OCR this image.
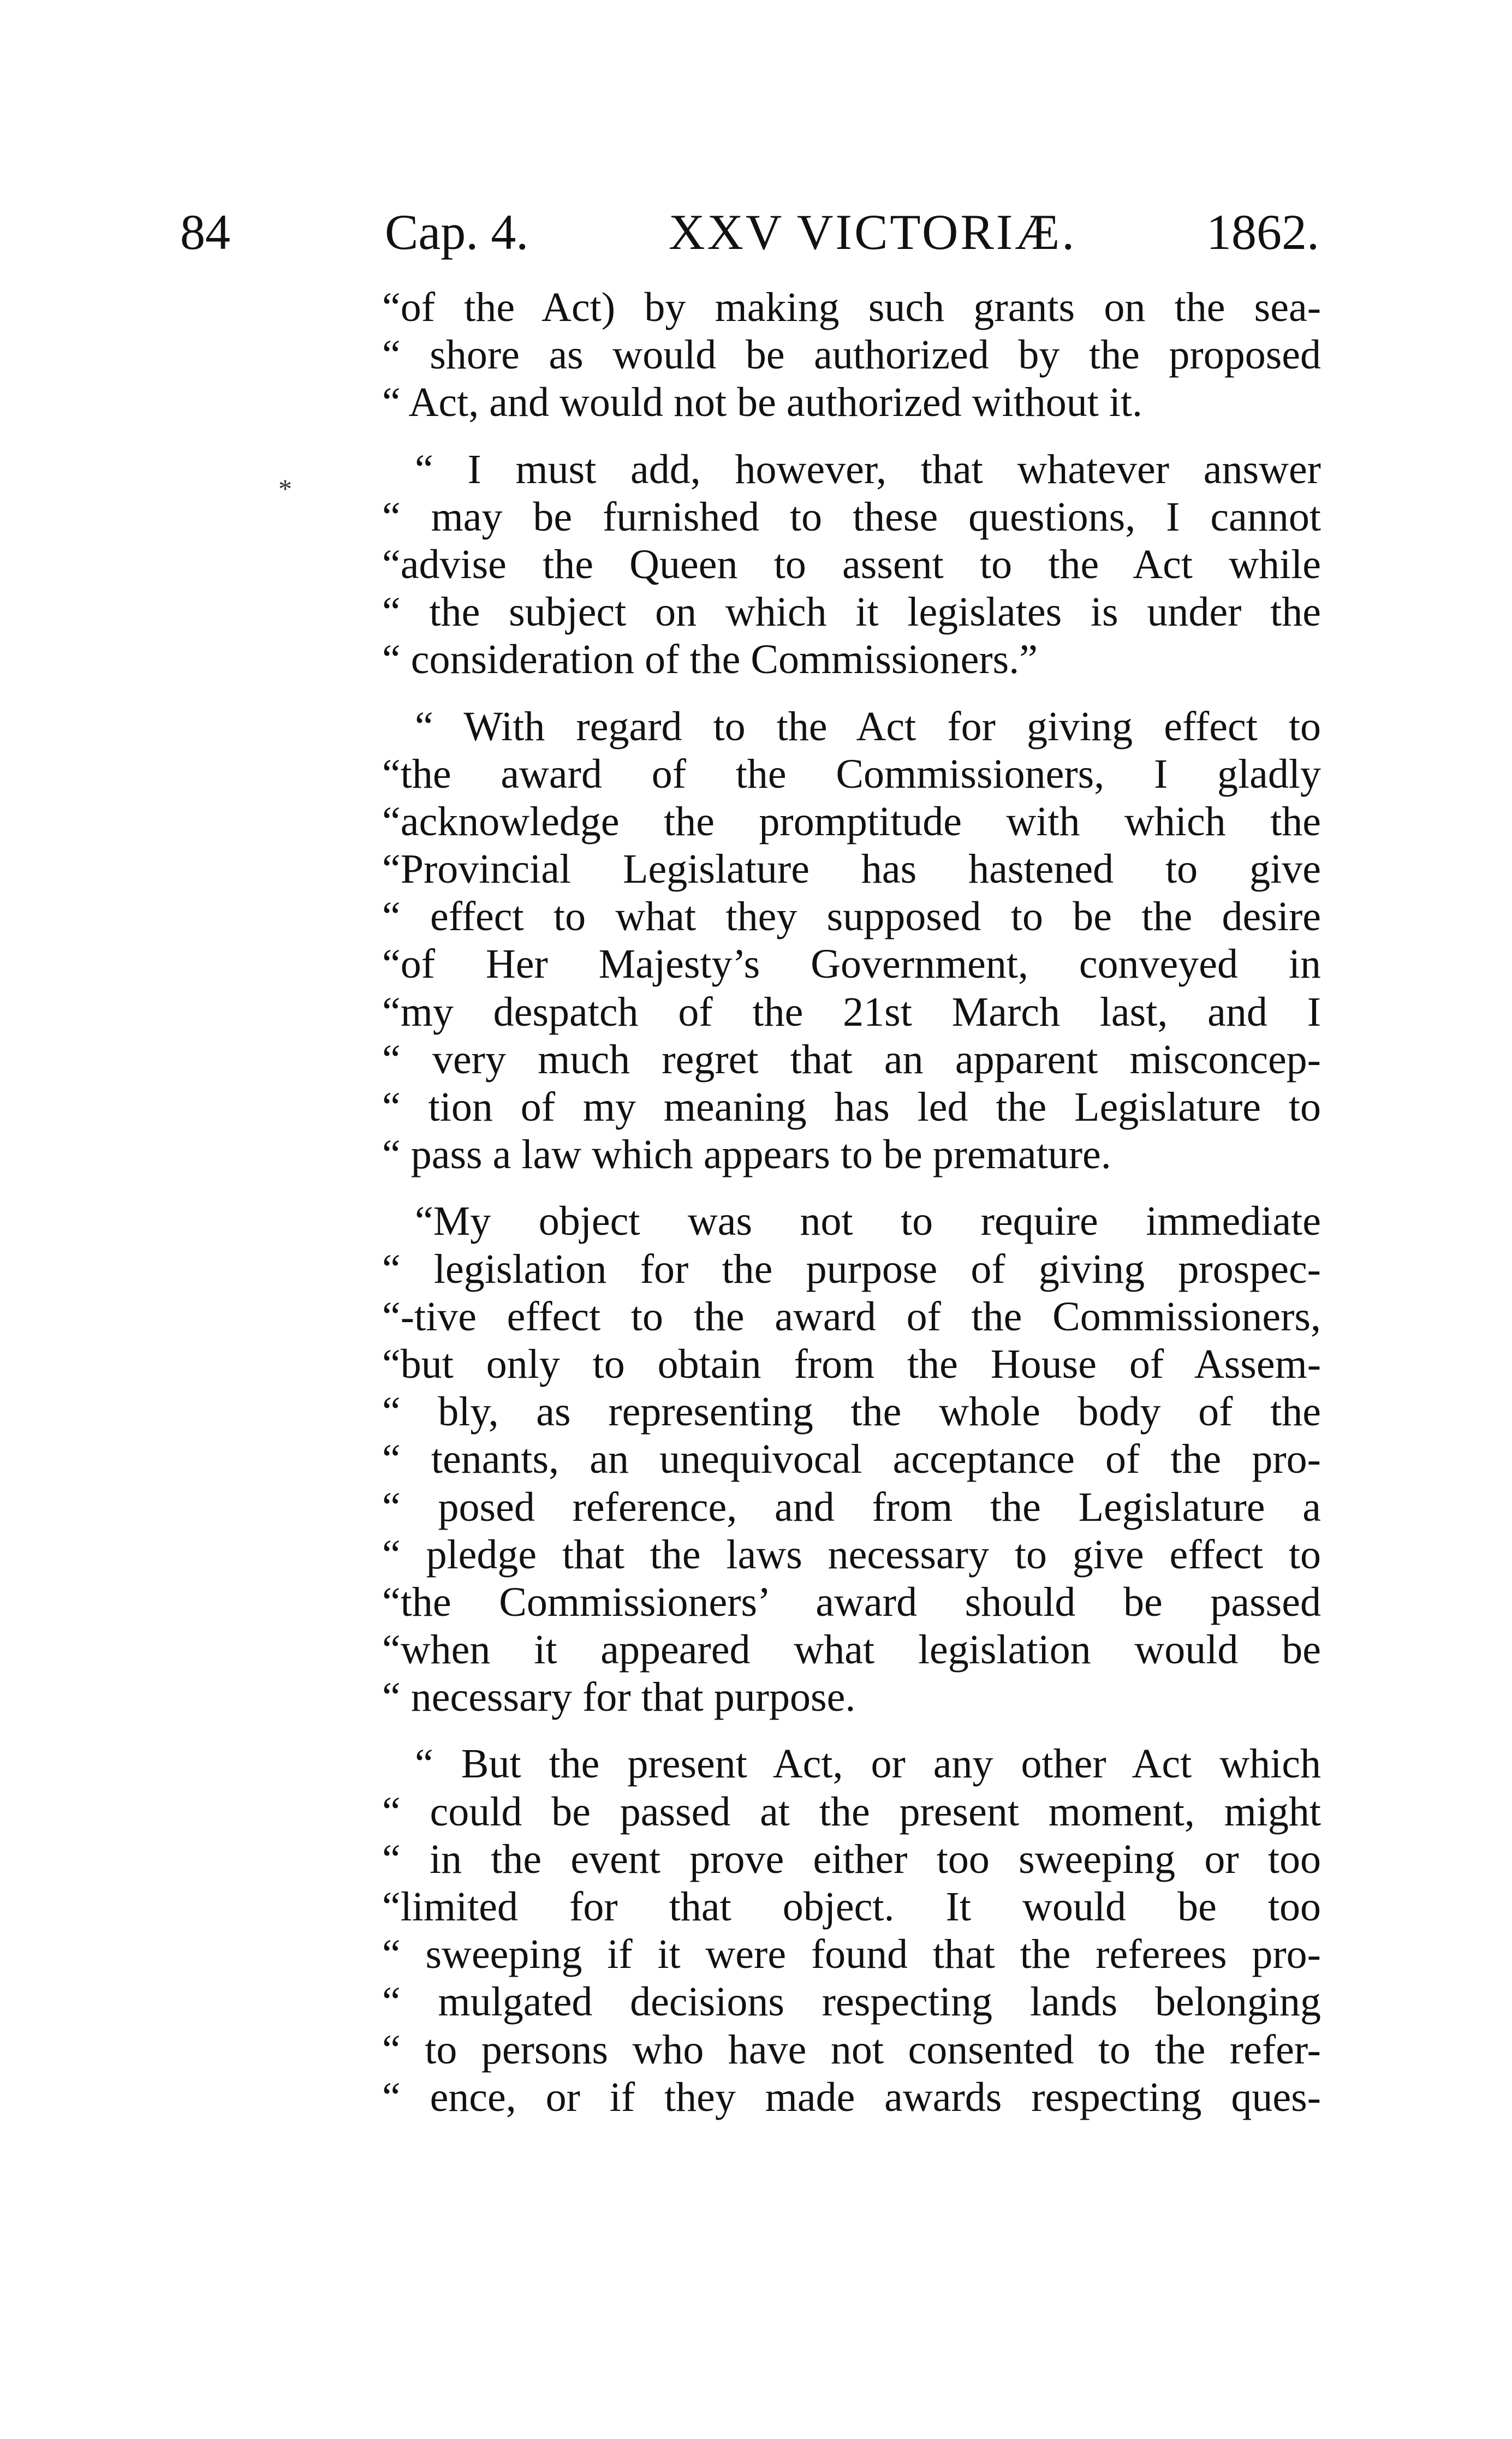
84	Cap. 4.	XXV VICTORIÆ.	1862.
*
“of the Act) by making such grants on the sea-
“ shore as would be authorized by the proposed
“ Act, and would not be authorized without it.
“ I must add, however, that whatever answer
“ may be furnished to these questions, I cannot
“advise the Queen to assent to the Act while
“ the subject on which it legislates is under the
“ consideration of the Commissioners.”
“ With regard to the Act for giving effect to
“the award of the Commissioners, I gladly
“acknowledge the promptitude with which the
“Provincial Legislature has hastened to give
“ effect to what they supposed to be the desire
“of Her Majesty’s Government, conveyed in
“my despatch of the 21st March last, and I
“ very much regret that an apparent misconcep-
“ tion of my meaning has led the Legislature to
“ pass a law which appears to be premature.
“My object was not to require immediate
“ legislation for the purpose of giving prospec-
“-tive effect to the award of the Commissioners,
“but only to obtain from the House of Assem-
“ bly, as representing the whole body of the
“ tenants, an unequivocal acceptance of the pro-
“ posed reference, and from the Legislature a
“ pledge that the laws necessary to give effect to
“the Commissioners’ award should be passed
“when it appeared what legislation would be
“ necessary for that purpose.
“ But the present Act, or any other Act which
“ could be passed at the present moment, might
“ in the event prove either too sweeping or too
“limited for that object. It would be too
“ sweeping if it were found that the referees pro-
“ mulgated decisions respecting lands belonging
“ to persons who have not consented to the refer-
“ ence, or if they made awards respecting ques-
